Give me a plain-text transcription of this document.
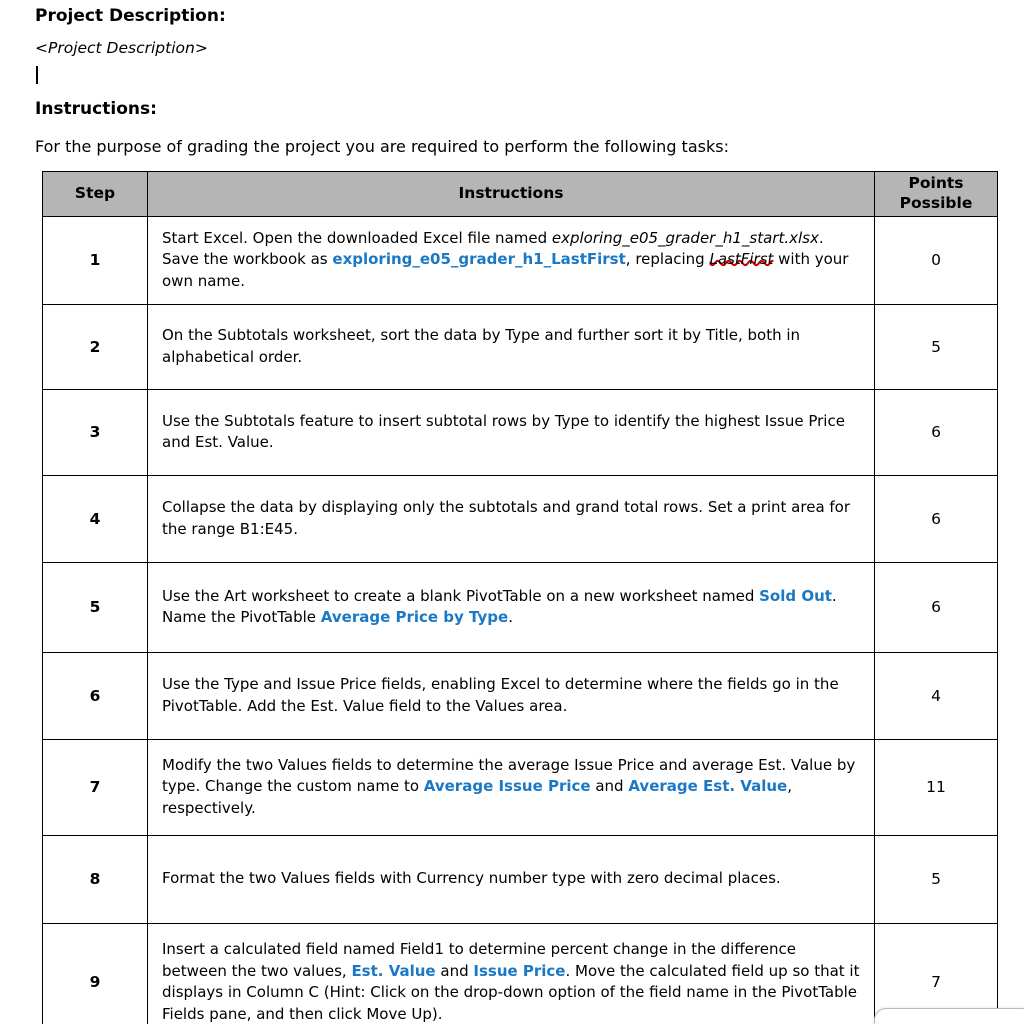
Project Description:
<Project Description>
Instructions:
For the purpose of grading the project you are required to perform the following tasks:
Step	Instructions	Points Possible
1	Start Excel. Open the downloaded Excel file named exploring_e05_grader_h1_start.xlsx. Save the workbook as exploring_e05_grader_h1_LastFirst, replacing LastFirst with your own name.	0
2	On the Subtotals worksheet, sort the data by Type and further sort it by Title, both in alphabetical order.	5
3	Use the Subtotals feature to insert subtotal rows by Type to identify the highest Issue Price and Est. Value.	6
4	Collapse the data by displaying only the subtotals and grand total rows. Set a print area for the range B1:E45.	6
5	Use the Art worksheet to create a blank PivotTable on a new worksheet named Sold Out. Name the PivotTable Average Price by Type.	6
6	Use the Type and Issue Price fields, enabling Excel to determine where the fields go in the PivotTable. Add the Est. Value field to the Values area.	4
7	Modify the two Values fields to determine the average Issue Price and average Est. Value by type. Change the custom name to Average Issue Price and Average Est. Value, respectively.	11
8	Format the two Values fields with Currency number type with zero decimal places.	5
9	Insert a calculated field named Field1 to determine percent change in the difference between the two values, Est. Value and Issue Price. Move the calculated field up so that it displays in Column C (Hint: Click on the drop-down option of the field name in the PivotTable Fields pane, and then click Move Up).	7
